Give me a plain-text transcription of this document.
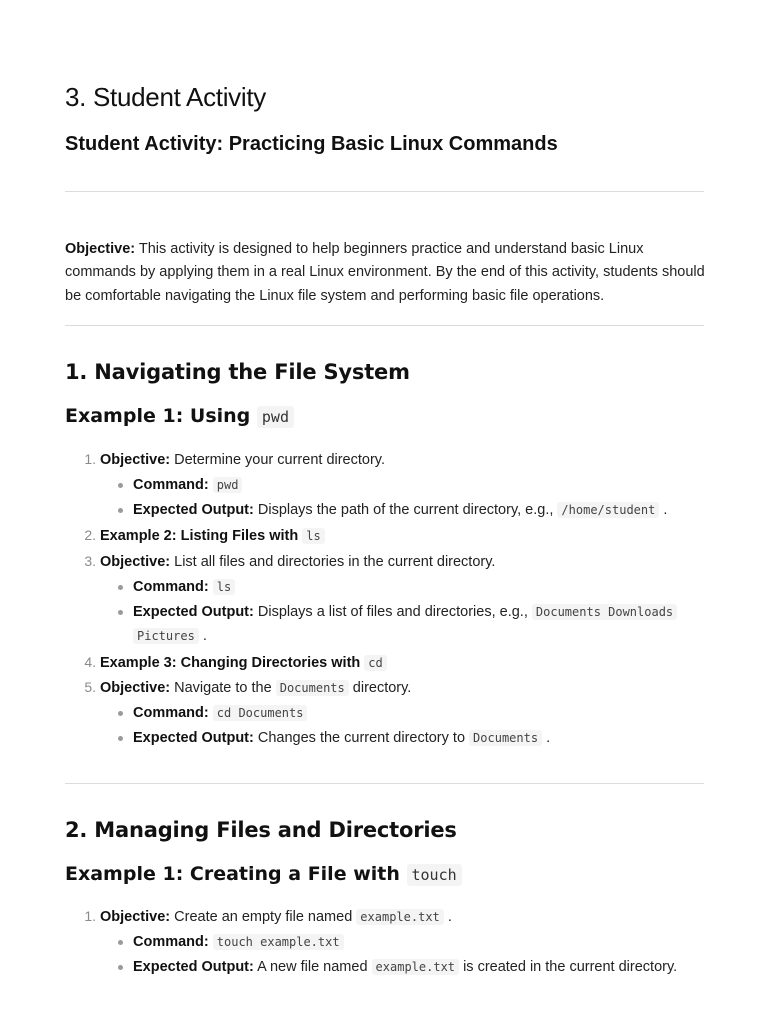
3. Student Activity
Student Activity: Practicing Basic Linux Commands

Objective: This activity is designed to help beginners practice and understand basic Linux commands by applying them in a real Linux environment. By the end of this activity, students should be comfortable navigating the Linux file system and performing basic file operations.

1. Navigating the File System
Example 1: Using pwd
1. Objective: Determine your current directory.
Command: pwd
Expected Output: Displays the path of the current directory, e.g., /home/student .
2. Example 2: Listing Files with ls
3. Objective: List all files and directories in the current directory.
Command: ls
Expected Output: Displays a list of files and directories, e.g., Documents Downloads
Pictures .
4. Example 3: Changing Directories with cd
5. Objective: Navigate to the Documents directory.
Command: cd Documents
Expected Output: Changes the current directory to Documents .
2. Managing Files and Directories
Example 1: Creating a File with touch
1. Objective: Create an empty file named example.txt .
Command: touch example.txt
Expected Output: A new file named example.txt is created in the current directory.
